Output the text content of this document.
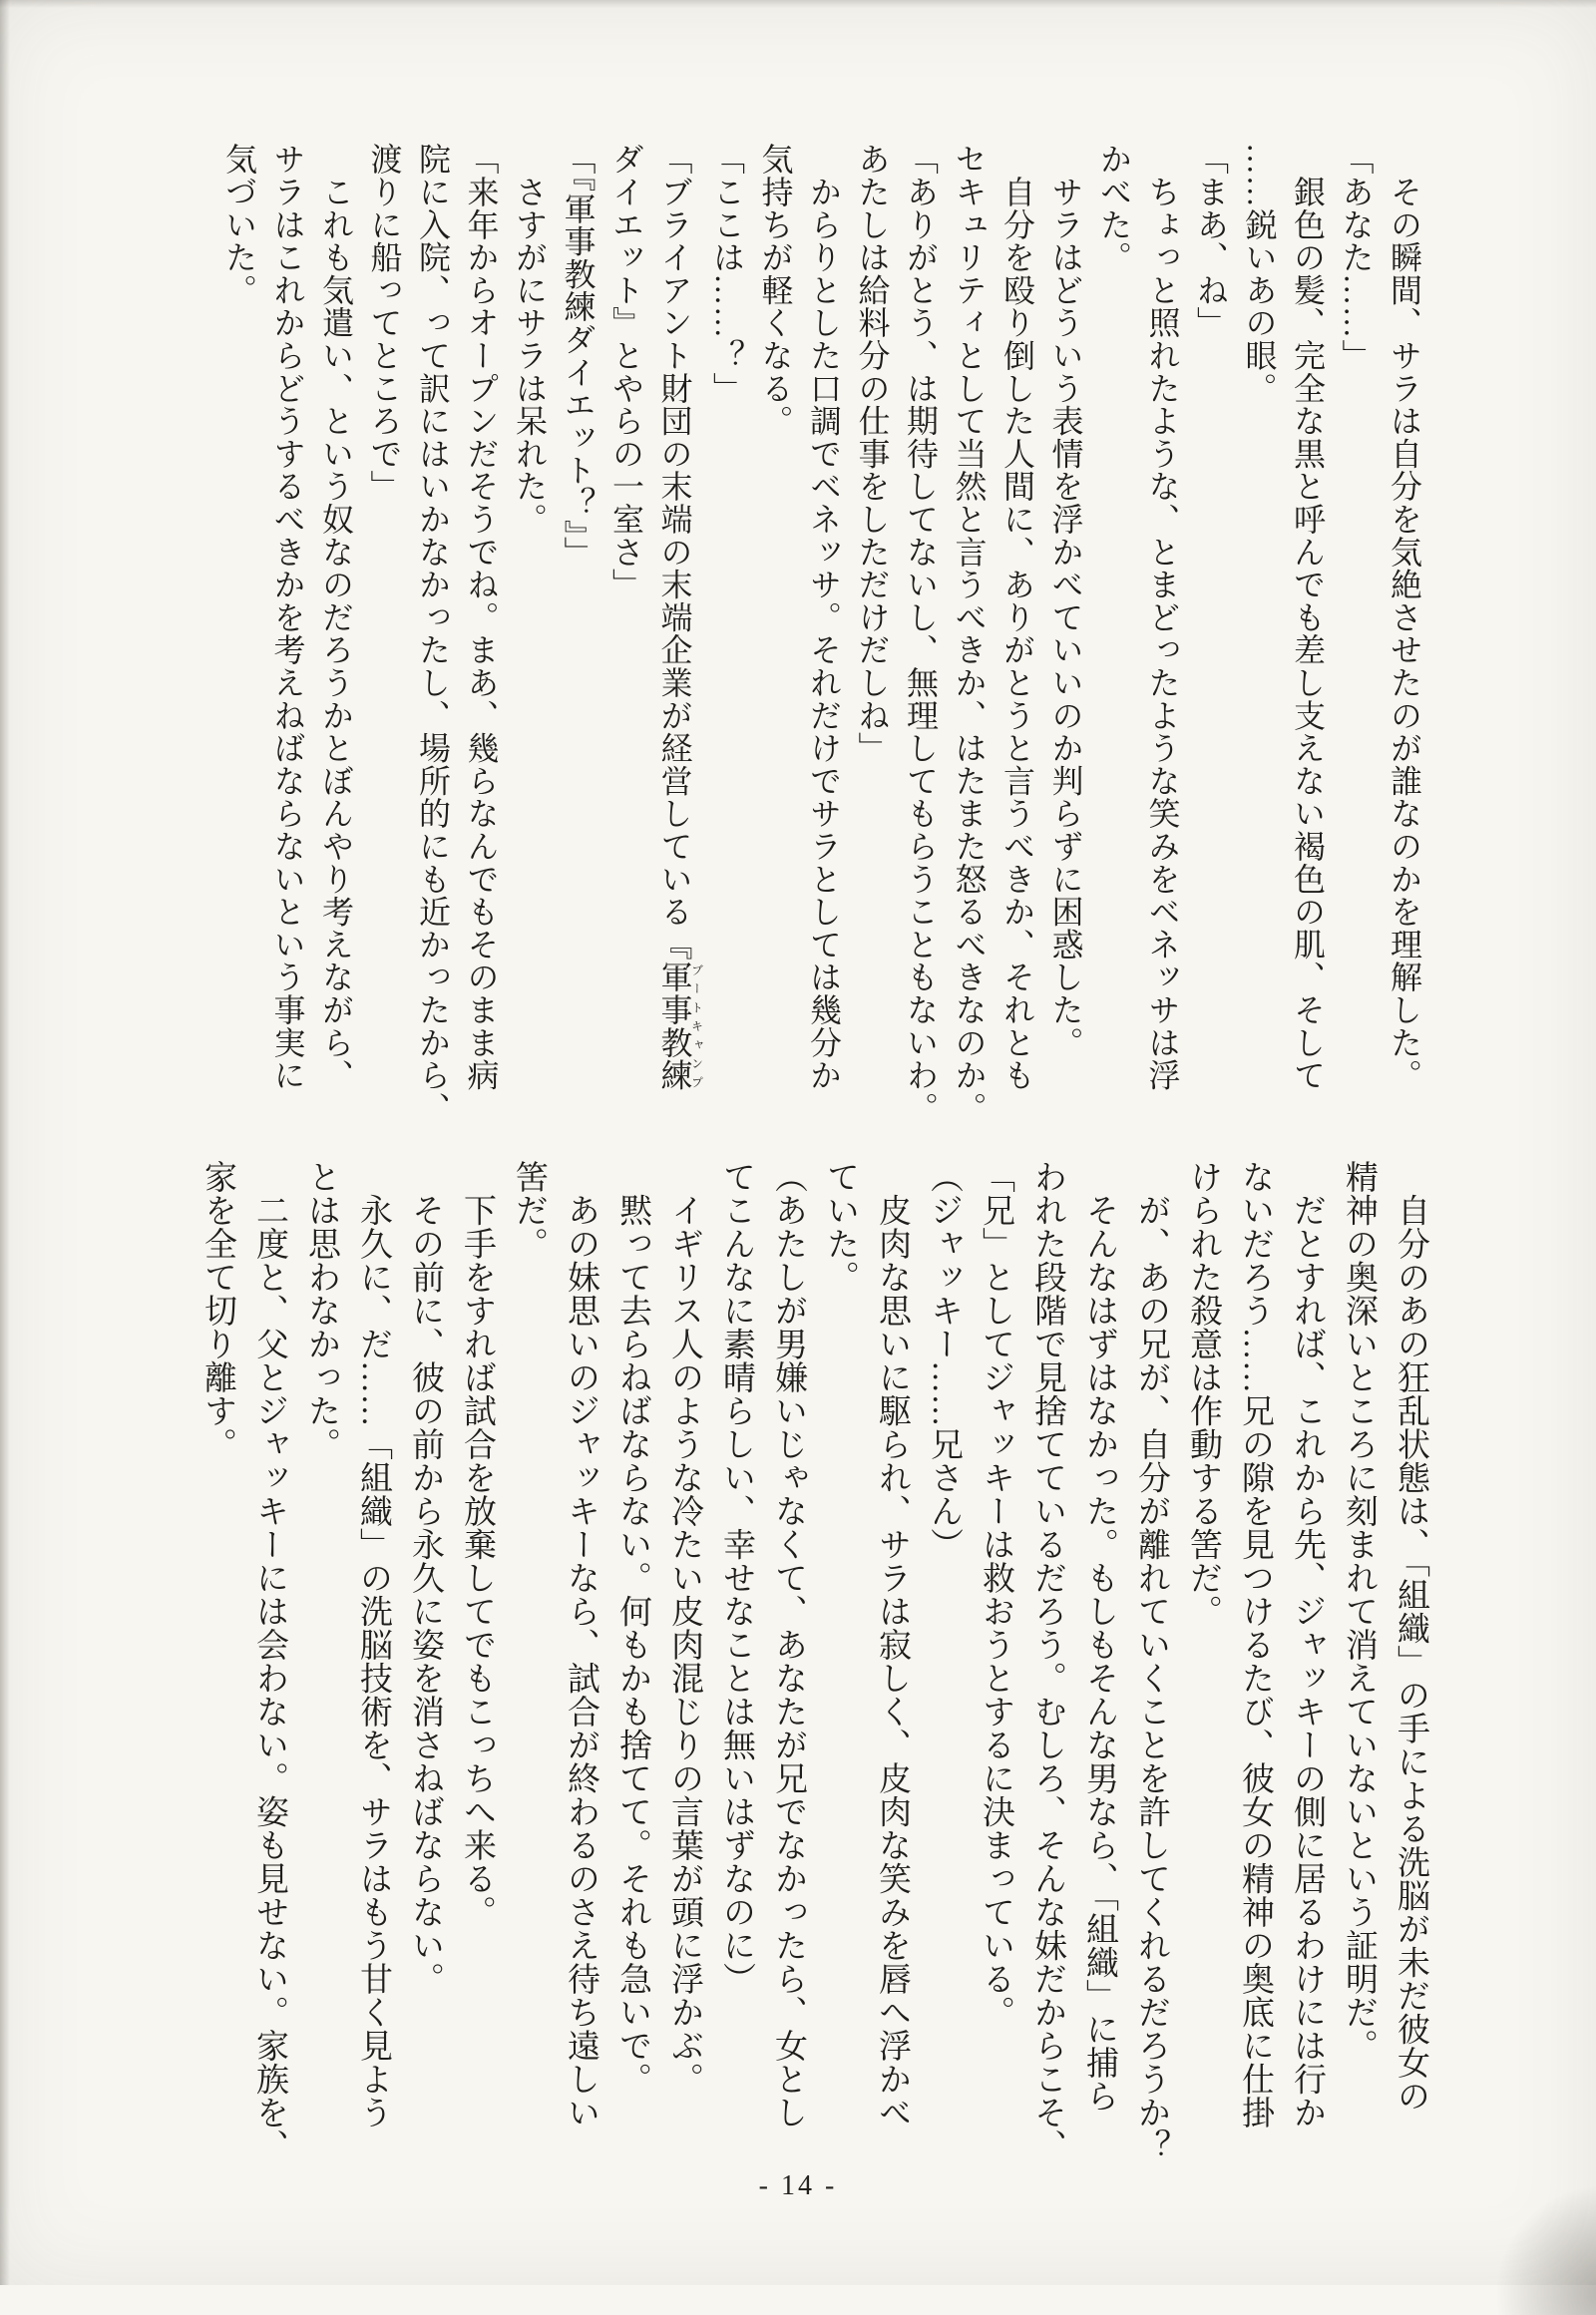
　その瞬間、サラは自分を気絶させたのが誰なのかを理解した。

「あなた……」

　銀色の髪、完全な黒と呼んでも差し支えない褐色の肌、そして

……鋭いあの眼。

「まあ、ね」

　ちょっと照れたような、とまどったような笑みをベネッサは浮

かべた。

　サラはどういう表情を浮かべていいのか判らずに困惑した。

　自分を殴り倒した人間に、ありがとうと言うべきか、それとも

セキュリティとして当然と言うべきか、はたまた怒るべきなのか。

「ありがとう、は期待してないし、無理してもらうこともないわ。

あたしは給料分の仕事をしただけだしね」

　からりとした口調でベネッサ。それだけでサラとしては幾分か

気持ちが軽くなる。

「ここは……？」

「ブライアント財団の末端の末端企業が経営している『軍事教練ブートキャンプ

ダイエット』とやらの一室さ」

「『軍事教練ダイエット？』」

　さすがにサラは呆れた。

「来年からオープンだそうでね。まあ、幾らなんでもそのまま病

院に入院、って訳にはいかなかったし、場所的にも近かったから、

渡りに船ってところで」

　これも気遣い、という奴なのだろうかとぼんやり考えながら、

サラはこれからどうするべきかを考えねばならないという事実に

気づいた。

　自分のあの狂乱状態は、「組織」の手による洗脳が未だ彼女の

精神の奥深いところに刻まれて消えていないという証明だ。

　だとすれば、これから先、ジャッキーの側に居るわけには行か

ないだろう……兄の隙を見つけるたび、彼女の精神の奥底に仕掛

けられた殺意は作動する筈だ。

　が、あの兄が、自分が離れていくことを許してくれるだろうか？

　そんなはずはなかった。もしもそんな男なら、「組織」に捕ら

われた段階で見捨てているだろう。むしろ、そんな妹だからこそ、

「兄」としてジャッキーは救おうとするに決まっている。

（ジャッキー……兄さん）

　皮肉な思いに駆られ、サラは寂しく、皮肉な笑みを唇へ浮かべ

ていた。

（あたしが男嫌いじゃなくて、あなたが兄でなかったら、女とし

てこんなに素晴らしい、幸せなことは無いはずなのに）

　イギリス人のような冷たい皮肉混じりの言葉が頭に浮かぶ。

　黙って去らねばならない。何もかも捨てて。それも急いで。

　あの妹思いのジャッキーなら、試合が終わるのさえ待ち遠しい

筈だ。

　下手をすれば試合を放棄してでもこっちへ来る。

　その前に、彼の前から永久に姿を消さねばならない。

　永久に、だ……「組織」の洗脳技術を、サラはもう甘く見よう

とは思わなかった。

　二度と、父とジャッキーには会わない。姿も見せない。家族を、

家を全て切り離す。

- 14 -
